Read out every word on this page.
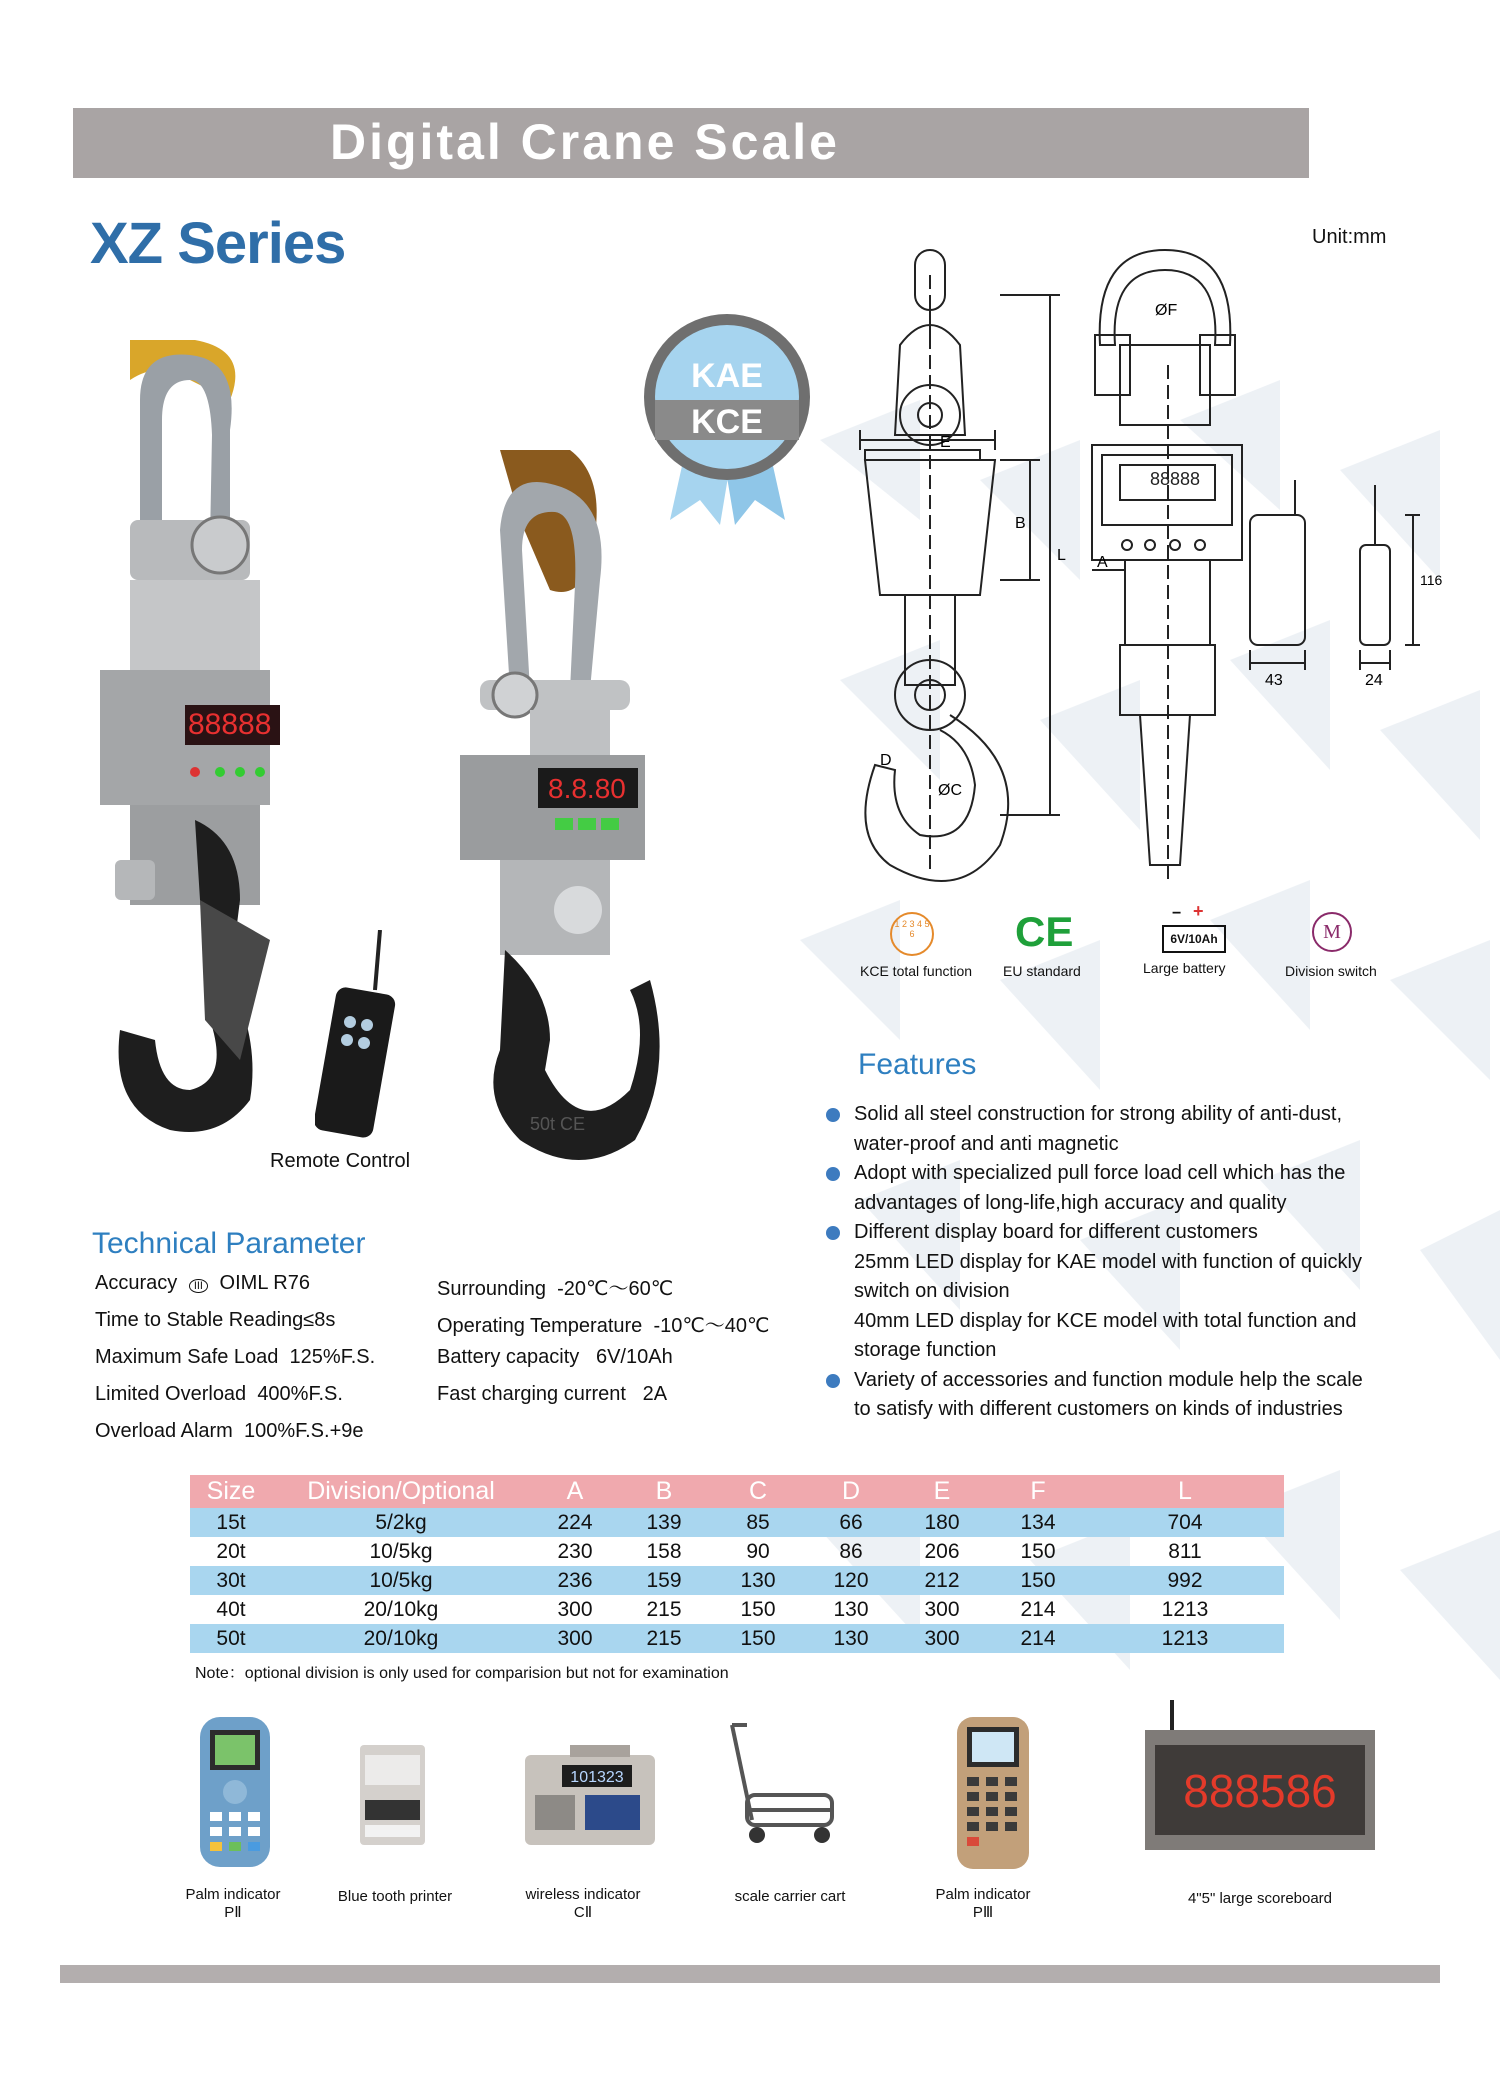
Digital Crane Scale
XZ Series	Unit:mm
88888
Remote Control
8.8.80
50t CE
KAE
KCE
88888
E
B
L A
D
ØC
ØF
116
43	24
1 2 3 4 5 6
KCE total function
CE
EU standard
6V/10Ah
− +
Large battery
M
Division switch
Features
Solid all steel construction for strong ability of anti-dust,
water-proof and anti magnetic
Adopt with specialized pull force load cell which has the
advantages of long-life,high accuracy and quality
Different display board for different customers
25mm LED display for KAE model with function of quickly
switch on division
40mm LED display for KCE model with total function and
storage function
Variety of accessories and function module help the scale
to satisfy with different customers on kinds of industries
Technical Parameter
Accuracy III OIML R76
Time to Stable Reading≤8s
Maximum Safe Load 125%F.S.
Limited Overload 400%F.S.
Overload Alarm 100%F.S.+9e
Surrounding -20℃～60℃
Operating Temperature -10℃～40℃
Battery capacity 6V/10Ah
Fast charging current 2A
Size	Division/Optional	A	B	C	D	E	F	L
15t	5/2kg	224	139	85	66	180	134	704
20t	10/5kg	230	158	90	86	206	150	811
30t	10/5kg	236	159	130	120	212	150	992
40t	20/10kg	300	215	150	130	300	214	1213
50t	20/10kg	300	215	150	130	300	214	1213
Note：optional division is only used for comparision but not for examination
101323	888586
Palm indicator
PⅡ
Blue tooth printer	wireless indicator
CⅡ
scale carrier cart	Palm indicator
PⅢ
4"5" large scoreboard
